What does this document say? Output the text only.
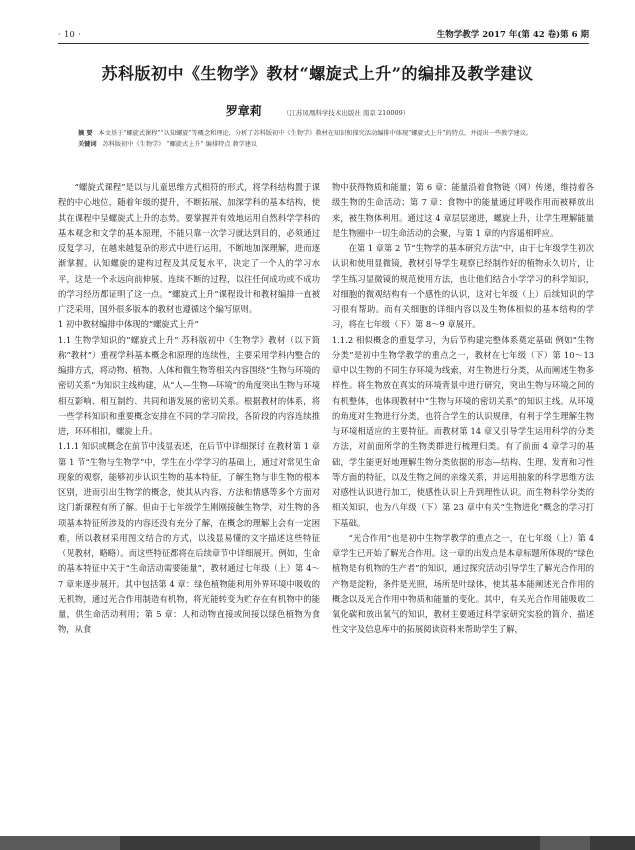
· 10 ·	生物学教学 2017 年(第 42 卷)第 6 期
苏科版初中《生物学》教材“螺旋式上升”的编排及教学建议
罗章莉	（江苏凤凰科学技术出版社 南京 210009）

摘 要 本文基于“螺旋式课程”“认知螺旋”等概念和理论，分析了苏科版初中《生物学》教材在知识和探究活动编排中体现“螺旋式上升”的特点，并提出一些教学建议。

关键词 苏科版初中《生物学》 “螺旋式上升” 编排特点 教学建议

“螺旋式课程”是以与儿童思维方式相符的形式，将学科结构置于课程的中心地位，随着年级的提升，不断拓展、加深学科的基本结构，使其在课程中呈螺旋式上升的态势。要掌握并有效地运用自然科学学科的基本观念和文学的基本原理，不能只靠一次学习就达到目的，必须通过反复学习，在越来越复杂的形式中进行运用，不断地加深理解，进而逐渐掌握。认知螺旋的建构过程及其反复水平，决定了一个人的学习水平，这是一个永远向前伸展、连续不断的过程，以往任何成功或不成功的学习经历都证明了这一点。“螺旋式上升”课程设计和教材编排一直被广泛采用，国外很多版本的教材也遵循这个编写原则。

1 初中教材编排中体现的“螺旋式上升”

1.1 生物学知识的“螺旋式上升” 苏科版初中《生物学》教材（以下简称“教材”）重视学科基本概念和原理的连续性，主要采用学科内整合的编排方式，将动物、植物、人体和微生物等相关内容围绕“生物与环境的密切关系”为知识主线构建，从“人—生物—环境”的角度突出生物与环境相互影响、相互制约、共同和谐发展的密切关系。根据教材的体系，将一些学科知识和重要概念安排在不同的学习阶段，各阶段的内容连续推进，环环相扣，螺旋上升。

1.1.1 知识或概念在前节中浅显表述，在后节中详细探讨 在教材第 1 章第 1 节“生物与生物学”中，学生在小学学习的基础上，通过对常见生命现象的观察，能够初步认识生物的基本特征，了解生物与非生物的根本区别，进而引出生物学的概念，使其从内容、方法和情感等多个方面对这门新课程有所了解。但由于七年级学生刚刚接触生物学，对生物的各项基本特征所涉及的内容还没有充分了解，在概念的理解上会有一定困难，所以教材采用图文结合的方式，以浅显易懂的文字描述这些特征（见教材，略略）。而这些特征都将在后续章节中详细展开。例如，生命的基本特征中关于“生命活动需要能量”，教材通过七年级（上）第 4～7 章来逐步展开。其中包括第 4 章：绿色植物能利用外界环境中吸收的无机物，通过光合作用制造有机物，将光能转变为贮存在有机物中的能量，供生命活动利用；第 5 章：人和动物直接或间接以绿色植物为食物，从食

物中获得物质和能量；第 6 章：能量沿着食物链（网）传递，维持着各级生物的生命活动；第 7 章：食物中的能量通过呼吸作用而被释放出来，被生物体利用。通过这 4 章层层递进，螺旋上升，让学生理解能量是生物圈中一切生命活动的会聚，与第 1 章的内容遥相呼应。

在第 1 章第 2 节“生物学的基本研究方法”中，由于七年级学生初次认识和使用显微镜，教材引导学生观察已经制作好的植物永久切片，让学生练习显微镜的规范使用方法，也让他们结合小学学习的科学知识，对细胞的微观结构有一个感性的认识，这对七年级（上）后续知识的学习很有帮助。而有关细胞的详细内容以及生物体相似的基本结构的学习，将在七年级（下）第 8～9 章展开。

1.1.2 相似概念的重复学习，为后节构建完整体系奠定基础 例如“生物分类”是初中生物学教学的重点之一，教材在七年级（下）第 10～13 章中以生物的不同生存环境为线索，对生物进行分类，从而阐述生物多样性。将生物放在真实的环境背景中进行研究，突出生物与环境之间的有机整体，也体现教材中“生物与环境的密切关系”的知识主线。从环境的角度对生物进行分类，也符合学生的认识规律，有利于学生理解生物与环境相适应的主要特征。而教材第 14 章又引导学生运用科学的分类方法，对前面所学的生物类群进行梳理归类。有了前面 4 章学习的基础，学生能更好地理解生物分类依据的形态—结构、生理、发育和习性等方面的特征，以及生物之间的亲缘关系，并运用抽象的科学思维方法对感性认识进行加工，使感性认识上升到理性认识。而生物科学分类的相关知识，也为八年级（下）第 23 章中有关“生物进化”概念的学习打下基础。

“光合作用”也是初中生物学教学的重点之一，在七年级（上）第 4 章学生已开始了解光合作用。这一章的出发点是本章标题所体现的“绿色植物是有机物的生产者”的知识，通过探究活动引导学生了解光合作用的产物是淀粉，条件是光照，场所是叶绿体，使其基本能阐述光合作用的概念以及光合作用中物质和能量的变化。其中，有关光合作用能吸收二氧化碳和放出氧气的知识，教材主要通过科学家研究实验的简介、描述性文字及信息库中的拓展阅读资料来帮助学生了解，
